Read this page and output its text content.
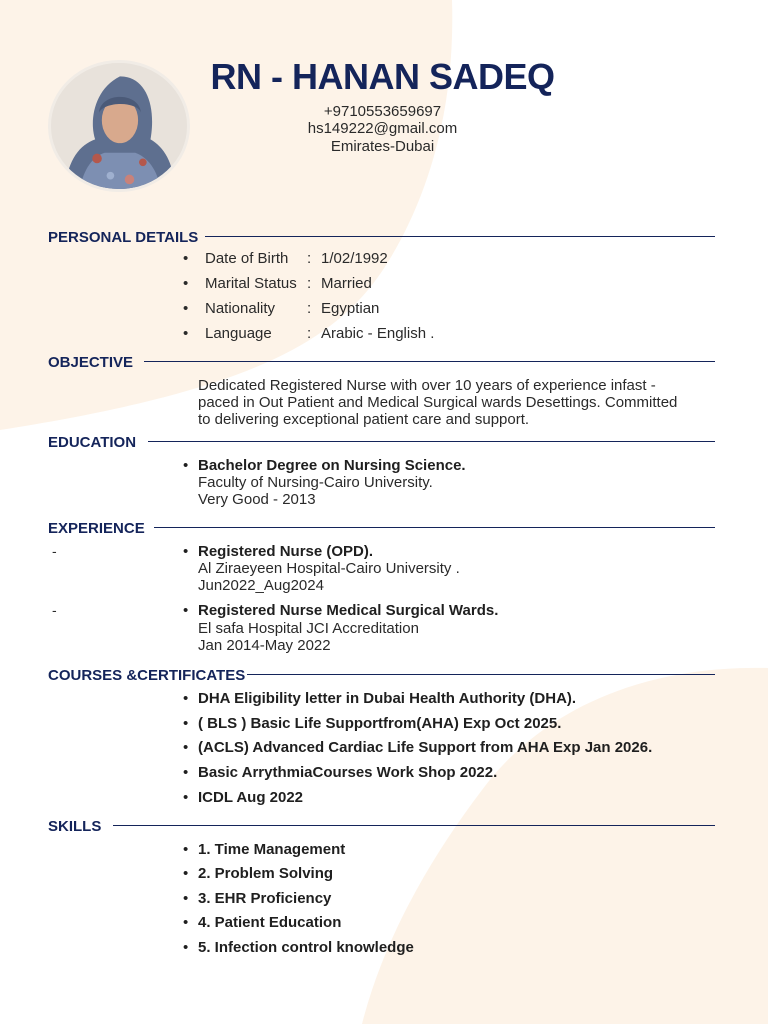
RN - HANAN SADEQ
+9710553659697
hs149222@gmail.com
Emirates-Dubai
PERSONAL DETAILS
• Date of Birth : 1/02/1992
• Marital Status : Married
• Nationality : Egyptian
• Language : Arabic - English .
OBJECTIVE
Dedicated Registered Nurse with over 10 years of experience infast -
paced in Out Patient and Medical Surgical wards Desettings. Committed
to delivering exceptional patient care and support.
EDUCATION
• Bachelor Degree on Nursing Science.
Faculty of Nursing-Cairo University.
Very Good - 2013
EXPERIENCE
-	• Registered Nurse (OPD).
Al Ziraeyeen Hospital-Cairo University .
Jun2022_Aug2024
-	• Registered Nurse Medical Surgical Wards.
El safa Hospital JCI Accreditation
Jan 2014-May 2022
COURSES &CERTIFICATES
• DHA Eligibility letter in Dubai Health Authority (DHA).
• ( BLS ) Basic Life Supportfrom(AHA) Exp Oct 2025.
• (ACLS) Advanced Cardiac Life Support from AHA Exp Jan 2026.
• Basic ArrythmiaCourses Work Shop 2022.
• ICDL Aug 2022
SKILLS
• 1. Time Management
• 2. Problem Solving
• 3. EHR Proficiency
• 4. Patient Education
• 5. Infection control knowledge
